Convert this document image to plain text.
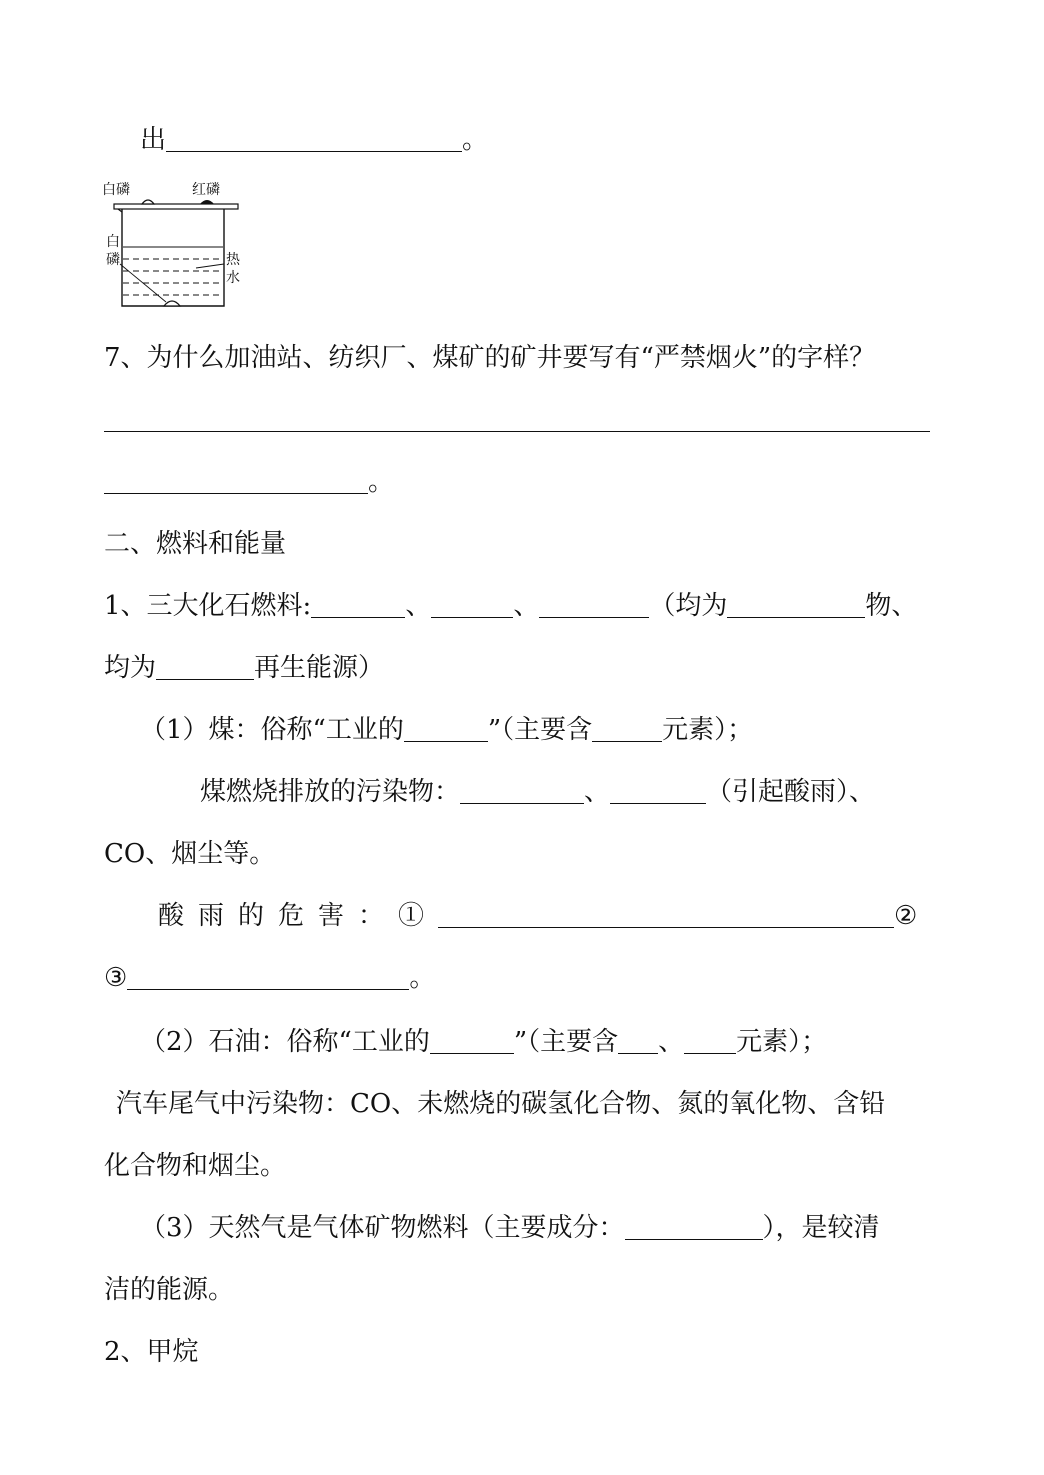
出	。
白磷	红磷
白
磷	热
水
7、为什么加油站、纺织厂、煤矿的矿井要写有“严禁烟火”的字样？
。
二、燃料和能量
1、三大化石燃料:	、	、	（均为	物、
均为	再生能源）
（1）煤：俗称“工业的	”（主要含	元素）；
煤燃烧排放的污染物：	、	（引起酸雨）、
CO、烟尘等。
酸雨的危害：①	②
③	。
（2）石油：俗称“工业的	”（主要含 、 元素）；
汽车尾气中污染物：CO、未燃烧的碳氢化合物、氮的氧化物、含铅
化合物和烟尘。
（3）天然气是气体矿物燃料（主要成分：	），是较清
洁的能源。
2、甲烷
